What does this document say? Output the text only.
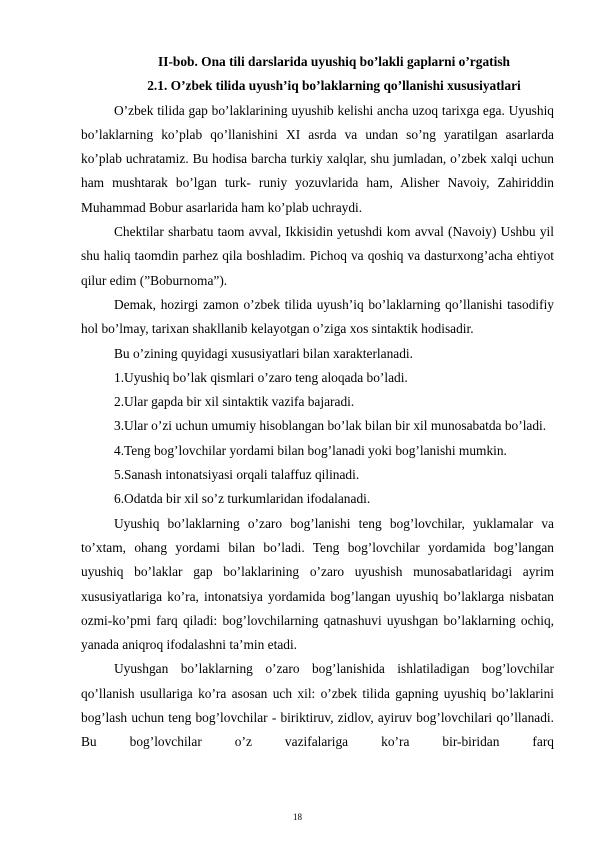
II-bob. Ona tili darslarida uyushiq bo’lakli gaplarni o’rgatish
2.1. O’zbek tilida uyush’iq bo’laklarning qo’llanishi xususiyatlari

O’zbek tilida gap bo’laklarining uyushib kelishi ancha uzoq tarixga ega. Uyushiq bo’laklarning ko’plab qo’llanishini XI asrda va undan so’ng yaratilgan asarlarda ko’plab uchratamiz. Bu hodisa barcha turkiy xalqlar, shu jumladan, o’zbek xalqi uchun ham mushtarak bo’lgan turk- runiy yozuvlarida ham, Alisher Navoiy, Zahiriddin Muhammad Bobur asarlarida ham ko’plab uchraydi.

Chektilar sharbatu taom avval, Ikkisidin yetushdi kom avval (Navoiy) Ushbu yil shu haliq taomdin parhez qila boshladim. Pichoq va qoshiq va dasturxong’acha ehtiyot qilur edim (”Boburnoma”).

Demak, hozirgi zamon o’zbek tilida uyush’iq bo’laklarning qo’llanishi tasodifiy hol bo’lmay, tarixan shakllanib kelayotgan o’ziga xos sintaktik hodisadir.

Bu o’zining quyidagi xususiyatlari bilan xarakterlanadi.

1.Uyushiq bo’lak qismlari o’zaro teng aloqada bo’ladi.

2.Ular gapda bir xil sintaktik vazifa bajaradi.

3.Ular o’zi uchun umumiy hisoblangan bo’lak bilan bir xil munosabatda bo’ladi.

4.Teng bog’lovchilar yordami bilan bog’lanadi yoki bog’lanishi mumkin.

5.Sanash intonatsiyasi orqali talaffuz qilinadi.

6.Odatda bir xil so’z turkumlaridan ifodalanadi.

Uyushiq bo’laklarning o’zaro bog’lanishi teng bog’lovchilar, yuklamalar va to’xtam, ohang yordami bilan bo’ladi. Teng bog’lovchilar yordamida bog’langan uyushiq bo’laklar gap bo’laklarining o’zaro uyushish munosabatlaridagi ayrim xususiyatlariga ko’ra, intonatsiya yordamida bog’langan uyushiq bo’laklarga nisbatan ozmi-ko’pmi farq qiladi: bog’lovchilarning qatnashuvi uyushgan bo’laklarning ochiq, yanada aniqroq ifodalashni ta’min etadi.

Uyushgan bo’laklarning o’zaro bog’lanishida ishlatiladigan bog’lovchilar qo’llanish usullariga ko’ra asosan uch xil: o’zbek tilida gapning uyushiq bo’laklarini bog’lash uchun teng bog’lovchilar - biriktiruv, zidlov, ayiruv bog’lovchilari qo’llanadi. Bu bog’lovchilar o’z vazifalariga ko’ra bir-biridan farq

18
